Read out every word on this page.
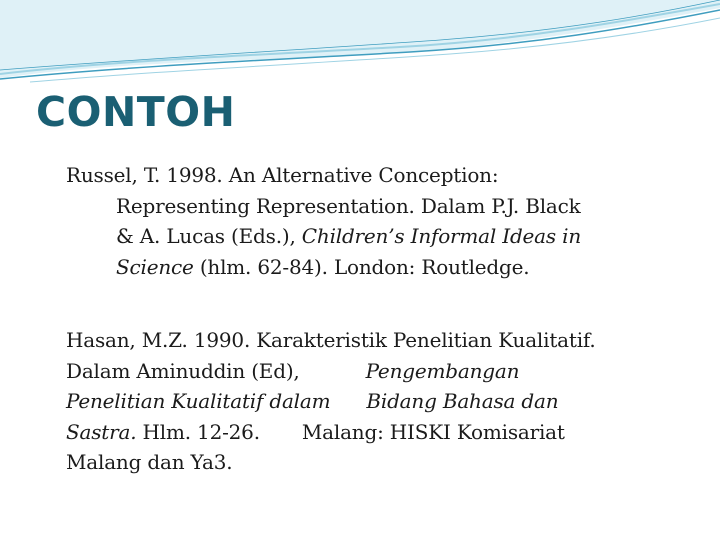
CONTOH
Russel, T. 1998. An Alternative Conception:
Representing Representation. Dalam P.J. Black
& A. Lucas (Eds.), Children’s Informal Ideas in
Science (hlm. 62-84). London: Routledge.
Hasan, M.Z. 1990. Karakteristik Penelitian Kualitatif.
Dalam Aminuddin (Ed),	Pengembangan
Penelitian Kualitatif dalam Bidang Bahasa dan
Sastra. Hlm. 12-26. Malang: HISKI Komisariat
Malang dan Ya3.
